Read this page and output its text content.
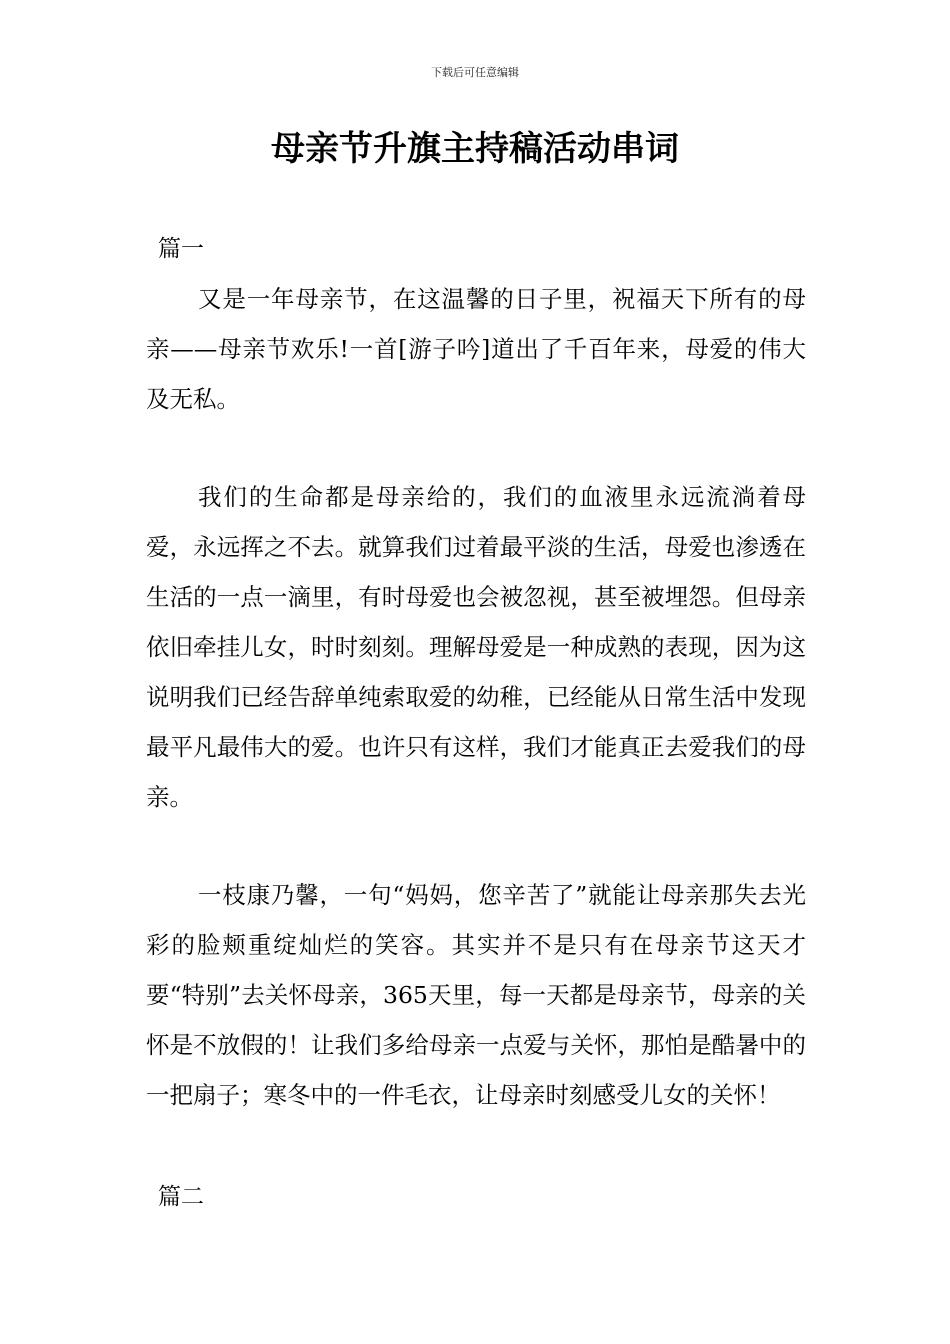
下载后可任意编辑
母亲节升旗主持稿活动串词
篇一

又是一年母亲节，在这温馨的日子里，祝福天下所有的母亲——母亲节欢乐!一首[游子吟]道出了千百年来，母爱的伟大及无私。

我们的生命都是母亲给的，我们的血液里永远流淌着母爱，永远挥之不去。就算我们过着最平淡的生活，母爱也渗透在生活的一点一滴里，有时母爱也会被忽视，甚至被埋怨。但母亲依旧牵挂儿女，时时刻刻。理解母爱是一种成熟的表现，因为这说明我们已经告辞单纯索取爱的幼稚，已经能从日常生活中发现最平凡最伟大的爱。也许只有这样，我们才能真正去爱我们的母亲。

一枝康乃馨，一句“妈妈，您辛苦了”就能让母亲那失去光彩的脸颊重绽灿烂的笑容。其实并不是只有在母亲节这天才要“特别”去关怀母亲，365天里，每一天都是母亲节，母亲的关怀是不放假的！让我们多给母亲一点爱与关怀，那怕是酷暑中的一把扇子；寒冬中的一件毛衣，让母亲时刻感受儿女的关怀！

篇二
